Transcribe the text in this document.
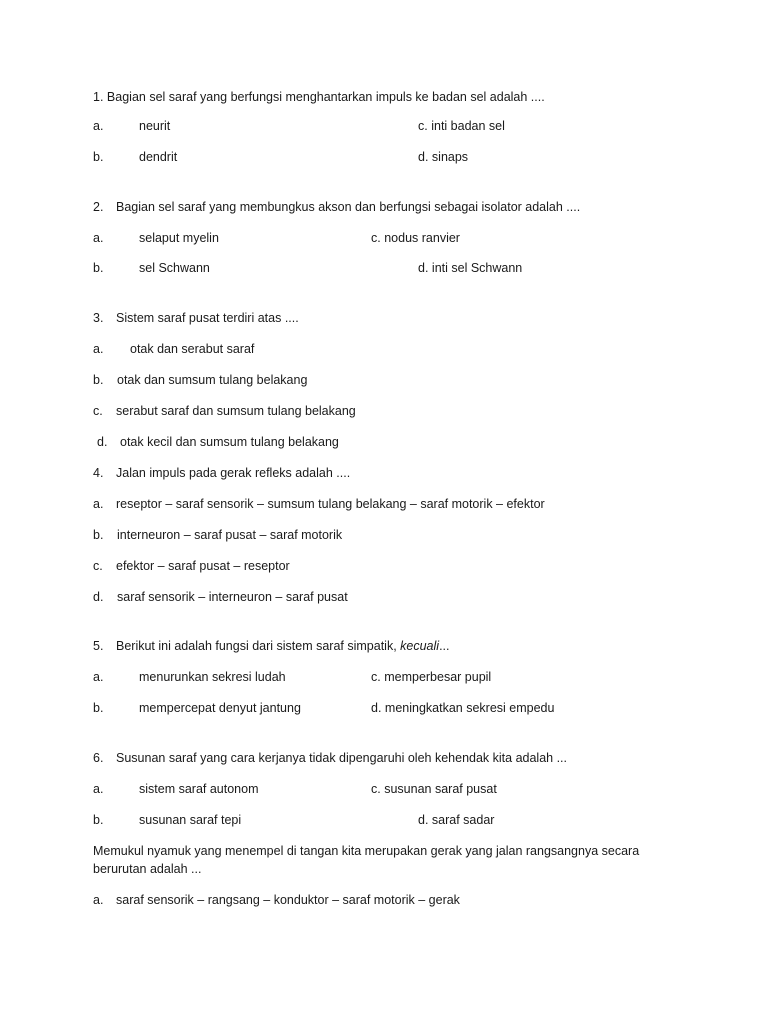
1. Bagian sel saraf yang berfungsi menghantarkan impuls ke badan sel adalah ....
a.	neurit	c. inti badan sel
b.	dendrit	d. sinaps
2. Bagian sel saraf yang membungkus akson dan berfungsi sebagai isolator adalah ....
a.	selaput myelin	c. nodus ranvier
b.	sel Schwann	d. inti sel Schwann
3. Sistem saraf pusat terdiri atas ....
a. otak dan serabut saraf
b. otak dan sumsum tulang belakang
c. serabut saraf dan sumsum tulang belakang
d. otak kecil dan sumsum tulang belakang
4. Jalan impuls pada gerak refleks adalah ....
a. reseptor – saraf sensorik – sumsum tulang belakang – saraf motorik – efektor
b. interneuron – saraf pusat – saraf motorik
c. efektor – saraf pusat – reseptor
d. saraf sensorik – interneuron – saraf pusat
5. Berikut ini adalah fungsi dari sistem saraf simpatik, kecuali...
a.	menurunkan sekresi ludah	c. memperbesar pupil
b.	mempercepat denyut jantung	d. meningkatkan sekresi empedu
6. Susunan saraf yang cara kerjanya tidak dipengaruhi oleh kehendak kita adalah ...
a.	sistem saraf autonom	c. susunan saraf pusat
b.	susunan saraf tepi	d. saraf sadar
Memukul nyamuk yang menempel di tangan kita merupakan gerak yang jalan rangsangnya secara
berurutan adalah ...
a. saraf sensorik – rangsang – konduktor – saraf motorik – gerak
